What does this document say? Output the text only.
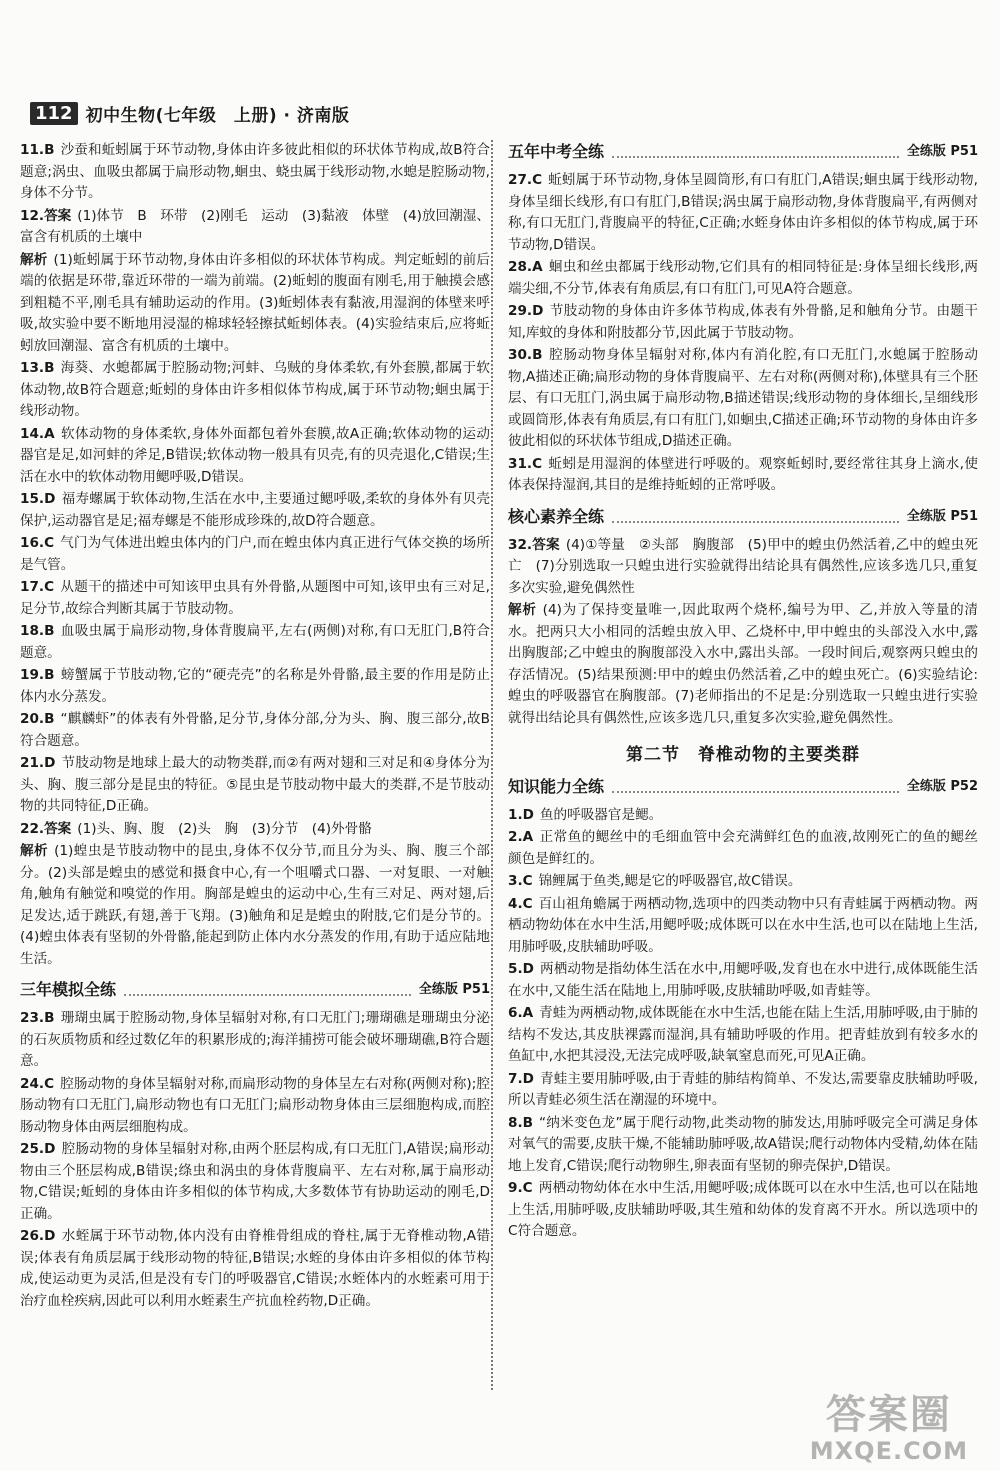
112 初中生物(七年级　上册) · 济南版
11.B 沙蚕和蚯蚓属于环节动物,身体由许多彼此相似的环状体节构成,故B符合题意;涡虫、血吸虫都属于扁形动物,蛔虫、蛲虫属于线形动物,水螅是腔肠动物,身体不分节。
12.答案 (1)体节　B　环带　(2)刚毛　运动　(3)黏液　体壁　(4)放回潮湿、富含有机质的土壤中
解析 (1)蚯蚓属于环节动物,身体由许多相似的环状体节构成。判定蚯蚓的前后端的依据是环带,靠近环带的一端为前端。(2)蚯蚓的腹面有刚毛,用于触摸会感到粗糙不平,刚毛具有辅助运动的作用。(3)蚯蚓体表有黏液,用湿润的体壁来呼吸,故实验中要不断地用浸湿的棉球轻轻擦拭蚯蚓体表。(4)实验结束后,应将蚯蚓放回潮湿、富含有机质的土壤中。
13.B 海葵、水螅都属于腔肠动物;河蚌、乌贼的身体柔软,有外套膜,都属于软体动物,故B符合题意;蚯蚓的身体由许多相似体节构成,属于环节动物;蛔虫属于线形动物。
14.A 软体动物的身体柔软,身体外面都包着外套膜,故A正确;软体动物的运动器官是足,如河蚌的斧足,B错误;软体动物一般具有贝壳,有的贝壳退化,C错误;生活在水中的软体动物用鳃呼吸,D错误。
15.D 福寿螺属于软体动物,生活在水中,主要通过鳃呼吸,柔软的身体外有贝壳保护,运动器官是足;福寿螺是不能形成珍珠的,故D符合题意。
16.C 气门为气体进出蝗虫体内的门户,而在蝗虫体内真正进行气体交换的场所是气管。
17.C 从题干的描述中可知该甲虫具有外骨骼,从题图中可知,该甲虫有三对足,足分节,故综合判断其属于节肢动物。
18.B 血吸虫属于扁形动物,身体背腹扁平,左右(两侧)对称,有口无肛门,B符合题意。
19.B 螃蟹属于节肢动物,它的“硬壳壳”的名称是外骨骼,最主要的作用是防止体内水分蒸发。
20.B “麒麟虾”的体表有外骨骼,足分节,身体分部,分为头、胸、腹三部分,故B符合题意。
21.D 节肢动物是地球上最大的动物类群,而②有两对翅和三对足和④身体分为头、胸、腹三部分是昆虫的特征。⑤昆虫是节肢动物中最大的类群,不是节肢动物的共同特征,D正确。
22.答案 (1)头、胸、腹　(2)头　胸　(3)分节　(4)外骨骼
解析 (1)蝗虫是节肢动物中的昆虫,身体不仅分节,而且分为头、胸、腹三个部分。(2)头部是蝗虫的感觉和摄食中心,有一个咀嚼式口器、一对复眼、一对触角,触角有触觉和嗅觉的作用。胸部是蝗虫的运动中心,生有三对足、两对翅,后足发达,适于跳跃,有翅,善于飞翔。(3)触角和足是蝗虫的附肢,它们是分节的。(4)蝗虫体表有坚韧的外骨骼,能起到防止体内水分蒸发的作用,有助于适应陆地生活。
三年模拟全练	全练版 P51
23.B 珊瑚虫属于腔肠动物,身体呈辐射对称,有口无肛门;珊瑚礁是珊瑚虫分泌的石灰质物质和经过数亿年的积累形成的;海洋捕捞可能会破坏珊瑚礁,B符合题意。
24.C 腔肠动物的身体呈辐射对称,而扁形动物的身体呈左右对称(两侧对称);腔肠动物有口无肛门,扁形动物也有口无肛门;扁形动物身体由三层细胞构成,而腔肠动物身体由两层细胞构成。
25.D 腔肠动物的身体呈辐射对称,由两个胚层构成,有口无肛门,A错误;扁形动物由三个胚层构成,B错误;绦虫和涡虫的身体背腹扁平、左右对称,属于扁形动物,C错误;蚯蚓的身体由许多相似的体节构成,大多数体节有协助运动的刚毛,D正确。
26.D 水蛭属于环节动物,体内没有由脊椎骨组成的脊柱,属于无脊椎动物,A错误;体表有角质层属于线形动物的特征,B错误;水蛭的身体由许多相似的体节构成,使运动更为灵活,但是没有专门的呼吸器官,C错误;水蛭体内的水蛭素可用于治疗血栓疾病,因此可以利用水蛭素生产抗血栓药物,D正确。
五年中考全练	全练版 P51
27.C 蚯蚓属于环节动物,身体呈圆筒形,有口有肛门,A错误;蛔虫属于线形动物,身体呈细长线形,有口有肛门,B错误;涡虫属于扁形动物,身体背腹扁平,有两侧对称,有口无肛门,背腹扁平的特征,C正确;水蛭身体由许多相似的体节构成,属于环节动物,D错误。
28.A 蛔虫和丝虫都属于线形动物,它们具有的相同特征是:身体呈细长线形,两端尖细,不分节,体表有角质层,有口有肛门,可见A符合题意。
29.D 节肢动物的身体由许多体节构成,体表有外骨骼,足和触角分节。由题干知,库蚊的身体和附肢都分节,因此属于节肢动物。
30.B 腔肠动物身体呈辐射对称,体内有消化腔,有口无肛门,水螅属于腔肠动物,A描述正确;扁形动物的身体背腹扁平、左右对称(两侧对称),体壁具有三个胚层、有口无肛门,涡虫属于扁形动物,B描述错误;线形动物的身体细长,呈细线形或圆筒形,体表有角质层,有口有肛门,如蛔虫,C描述正确;环节动物的身体由许多彼此相似的环状体节组成,D描述正确。
31.C 蚯蚓是用湿润的体壁进行呼吸的。观察蚯蚓时,要经常往其身上滴水,使体表保持湿润,其目的是维持蚯蚓的正常呼吸。
核心素养全练	全练版 P51
32.答案 (4)①等量　②头部　胸腹部　(5)甲中的蝗虫仍然活着,乙中的蝗虫死亡　(7)分别选取一只蝗虫进行实验就得出结论具有偶然性,应该多选几只,重复多次实验,避免偶然性
解析 (4)为了保持变量唯一,因此取两个烧杯,编号为甲、乙,并放入等量的清水。把两只大小相同的活蝗虫放入甲、乙烧杯中,甲中蝗虫的头部没入水中,露出胸腹部;乙中蝗虫的胸腹部没入水中,露出头部。一段时间后,观察两只蝗虫的存活情况。(5)结果预测:甲中的蝗虫仍然活着,乙中的蝗虫死亡。(6)实验结论:蝗虫的呼吸器官在胸腹部。(7)老师指出的不足是:分别选取一只蝗虫进行实验就得出结论具有偶然性,应该多选几只,重复多次实验,避免偶然性。
第二节 脊椎动物的主要类群
知识能力全练	全练版 P52
1.D 鱼的呼吸器官是鳃。
2.A 正常鱼的鳃丝中的毛细血管中会充满鲜红色的血液,故刚死亡的鱼的鳃丝颜色是鲜红的。
3.C 锦鲤属于鱼类,鳃是它的呼吸器官,故C错误。
4.C 百山祖角蟾属于两栖动物,选项中的四类动物中只有青蛙属于两栖动物。两栖动物幼体在水中生活,用鳃呼吸;成体既可以在水中生活,也可以在陆地上生活,用肺呼吸,皮肤辅助呼吸。
5.D 两栖动物是指幼体生活在水中,用鳃呼吸,发育也在水中进行,成体既能生活在水中,又能生活在陆地上,用肺呼吸,皮肤辅助呼吸,如青蛙等。
6.A 青蛙为两栖动物,成体既能在水中生活,也能在陆上生活,用肺呼吸,由于肺的结构不发达,其皮肤裸露而湿润,具有辅助呼吸的作用。把青蛙放到有较多水的鱼缸中,水把其浸没,无法完成呼吸,缺氧窒息而死,可见A正确。
7.D 青蛙主要用肺呼吸,由于青蛙的肺结构简单、不发达,需要靠皮肤辅助呼吸,所以青蛙必须生活在潮湿的环境中。
8.B “纳米变色龙”属于爬行动物,此类动物的肺发达,用肺呼吸完全可满足身体对氧气的需要,皮肤干燥,不能辅助肺呼吸,故A错误;爬行动物体内受精,幼体在陆地上发育,C错误;爬行动物卵生,卵表面有坚韧的卵壳保护,D错误。
9.C 两栖动物幼体在水中生活,用鳃呼吸;成体既可以在水中生活,也可以在陆地上生活,用肺呼吸,皮肤辅助呼吸,其生殖和幼体的发育离不开水。所以选项中的C符合题意。
答案圈
MXQE.COM
